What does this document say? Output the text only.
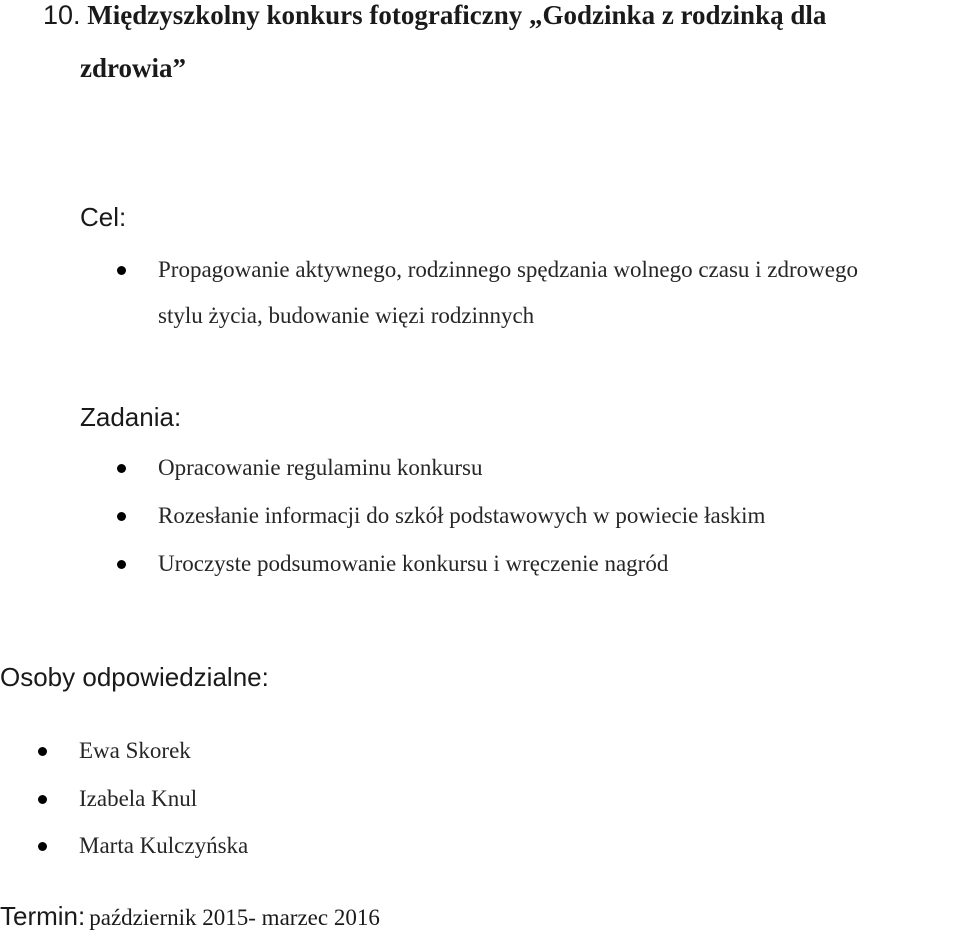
10. Międzyszkolny konkurs fotograficzny „Godzinka z rodzinką dla
zdrowia”
Cel:
Propagowanie aktywnego, rodzinnego spędzania wolnego czasu i zdrowego
stylu życia, budowanie więzi rodzinnych
Zadania:
Opracowanie regulaminu konkursu
Rozesłanie informacji do szkół podstawowych w powiecie łaskim
Uroczyste podsumowanie konkursu i wręczenie nagród
Osoby odpowiedzialne:
Ewa Skorek
Izabela Knul
Marta Kulczyńska
Termin: październik 2015- marzec 2016
